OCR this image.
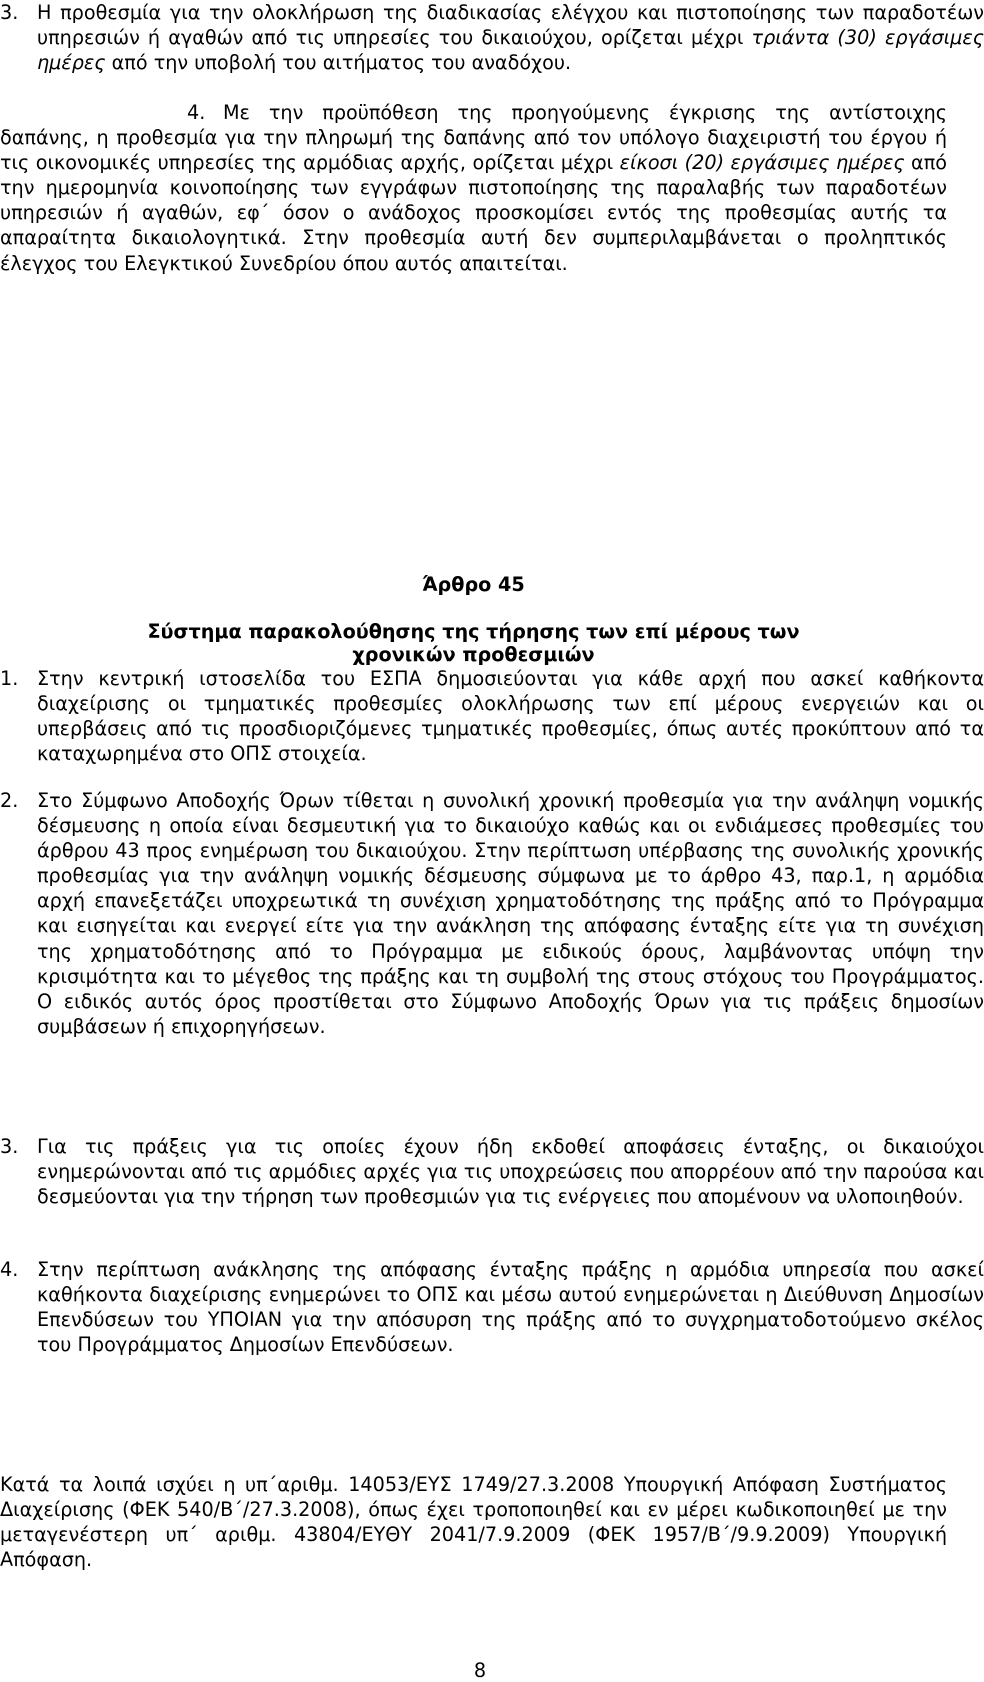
3. Η προθεσμία για την ολοκλήρωση της διαδικασίας ελέγχου και πιστοποίησης των παραδοτέων υπηρεσιών ή αγαθών από τις υπηρεσίες του δικαιούχου, ορίζεται μέχρι τριάντα (30) εργάσιμες ημέρες από την υποβολή του αιτήματος του αναδόχου.
4. Με την προϋπόθεση της προηγούμενης έγκρισης της αντίστοιχης δαπάνης, η προθεσμία για την πληρωμή της δαπάνης από τον υπόλογο διαχειριστή του έργου ή τις οικονομικές υπηρεσίες της αρμόδιας αρχής, ορίζεται μέχρι είκοσι (20) εργάσιμες ημέρες από την ημερομηνία κοινοποίησης των εγγράφων πιστοποίησης της παραλαβής των παραδοτέων υπηρεσιών ή αγαθών, εφ΄ όσον ο ανάδοχος προσκομίσει εντός της προθεσμίας αυτής τα απαραίτητα δικαιολογητικά. Στην προθεσμία αυτή δεν συμπεριλαμβάνεται ο προληπτικός έλεγχος του Ελεγκτικού Συνεδρίου όπου αυτός απαιτείται.
Άρθρο 45
Σύστημα παρακολούθησης της τήρησης των επί μέρους των χρονικών προθεσμιών
1. Στην κεντρική ιστοσελίδα του ΕΣΠΑ δημοσιεύονται για κάθε αρχή που ασκεί καθήκοντα διαχείρισης οι τμηματικές προθεσμίες ολοκλήρωσης των επί μέρους ενεργειών και οι υπερβάσεις από τις προσδιοριζόμενες τμηματικές προθεσμίες, όπως αυτές προκύπτουν από τα καταχωρημένα στο ΟΠΣ στοιχεία.
2. Στο Σύμφωνο Αποδοχής Όρων τίθεται η συνολική χρονική προθεσμία για την ανάληψη νομικής δέσμευσης η οποία είναι δεσμευτική για το δικαιούχο καθώς και οι ενδιάμεσες προθεσμίες του άρθρου 43 προς ενημέρωση του δικαιούχου. Στην περίπτωση υπέρβασης της συνολικής χρονικής προθεσμίας για την ανάληψη νομικής δέσμευσης σύμφωνα με το άρθρο 43, παρ.1, η αρμόδια αρχή επανεξετάζει υποχρεωτικά τη συνέχιση χρηματοδότησης της πράξης από το Πρόγραμμα και εισηγείται και ενεργεί είτε για την ανάκληση της απόφασης ένταξης είτε για τη συνέχιση της χρηματοδότησης από το Πρόγραμμα με ειδικούς όρους, λαμβάνοντας υπόψη την κρισιμότητα και το μέγεθος της πράξης και τη συμβολή της στους στόχους του Προγράμματος. Ο ειδικός αυτός όρος προστίθεται στο Σύμφωνο Αποδοχής Όρων για τις πράξεις δημοσίων συμβάσεων ή επιχορηγήσεων.
3. Για τις πράξεις για τις οποίες έχουν ήδη εκδοθεί αποφάσεις ένταξης, οι δικαιούχοι ενημερώνονται από τις αρμόδιες αρχές για τις υποχρεώσεις που απορρέουν από την παρούσα και δεσμεύονται για την τήρηση των προθεσμιών για τις ενέργειες που απομένουν να υλοποιηθούν.
4. Στην περίπτωση ανάκλησης της απόφασης ένταξης πράξης η αρμόδια υπηρεσία που ασκεί καθήκοντα διαχείρισης ενημερώνει το ΟΠΣ και μέσω αυτού ενημερώνεται η Διεύθυνση Δημοσίων Επενδύσεων του ΥΠΟΙΑΝ για την απόσυρση της πράξης από το συγχρηματοδοτούμενο σκέλος του Προγράμματος Δημοσίων Επενδύσεων.
Κατά τα λοιπά ισχύει η υπ΄αριθμ. 14053/ΕΥΣ 1749/27.3.2008 Υπουργική Απόφαση Συστήματος Διαχείρισης (ΦΕΚ 540/Β΄/27.3.2008), όπως έχει τροποποιηθεί και εν μέρει κωδικοποιηθεί με την μεταγενέστερη υπ΄ αριθμ. 43804/ΕΥΘΥ 2041/7.9.2009 (ΦΕΚ 1957/Β΄/9.9.2009) Υπουργική Απόφαση.
8
